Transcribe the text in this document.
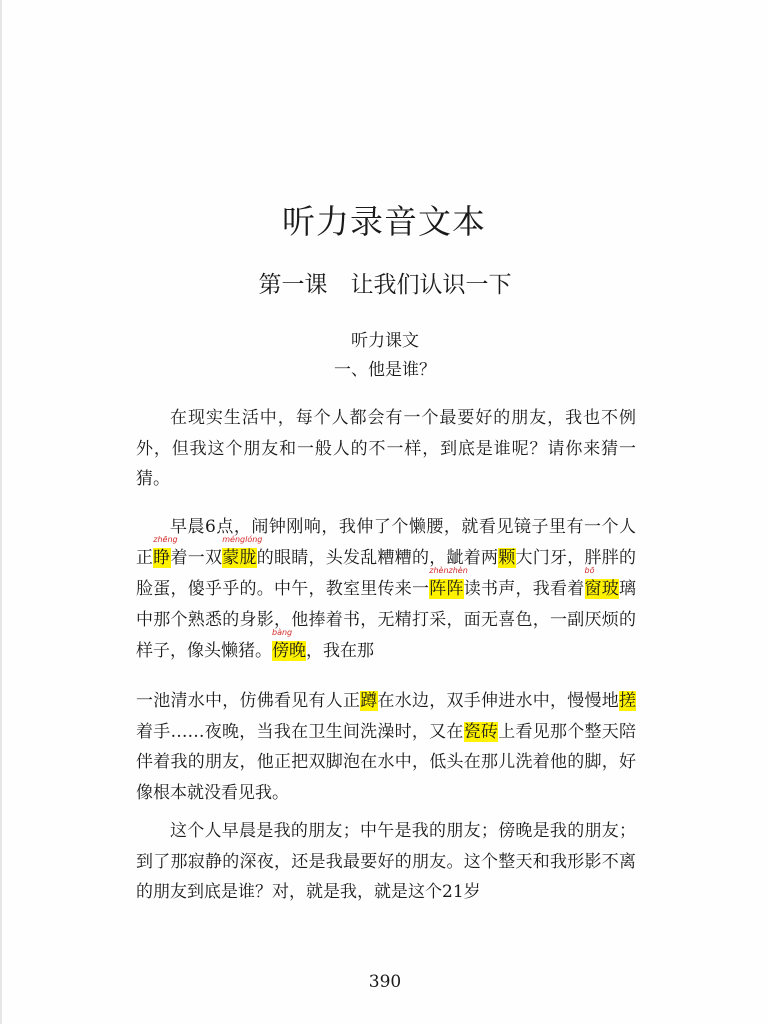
听力录音文本
第一课　让我们认识一下
听力课文
一、他是谁？

在现实生活中，每个人都会有一个最要好的朋友，我也不例外，但我这个朋友和一般人的不一样，到底是谁呢？请你来猜一猜。

早晨6点，闹钟刚响，我伸了个懒腰，就看见镜子里有一个人正
zhēng
睁着一双
ménglóng
蒙胧的眼睛，头发乱糟糟的，龇着两颗大门牙，胖胖的脸蛋，傻乎乎的。中午，教室里传来一
zhènzhèn
阵阵读书声，我看着
bō
窗玻璃中那个熟悉的身影，他捧着书，无精打采，面无喜色，一副厌烦的样子，像头懒猪。
bàng
傍晚，我在那

一池清水中，仿佛看见有人正蹲在水边，双手伸进水中，慢慢地搓着手……夜晚，当我在卫生间洗澡时，又在瓷砖上看见那个整天陪伴着我的朋友，他正把双脚泡在水中，低头在那儿洗着他的脚，好像根本就没看见我。

这个人早晨是我的朋友；中午是我的朋友；傍晚是我的朋友；到了那寂静的深夜，还是我最要好的朋友。这个整天和我形影不离的朋友到底是谁？对，就是我，就是这个21岁

390
